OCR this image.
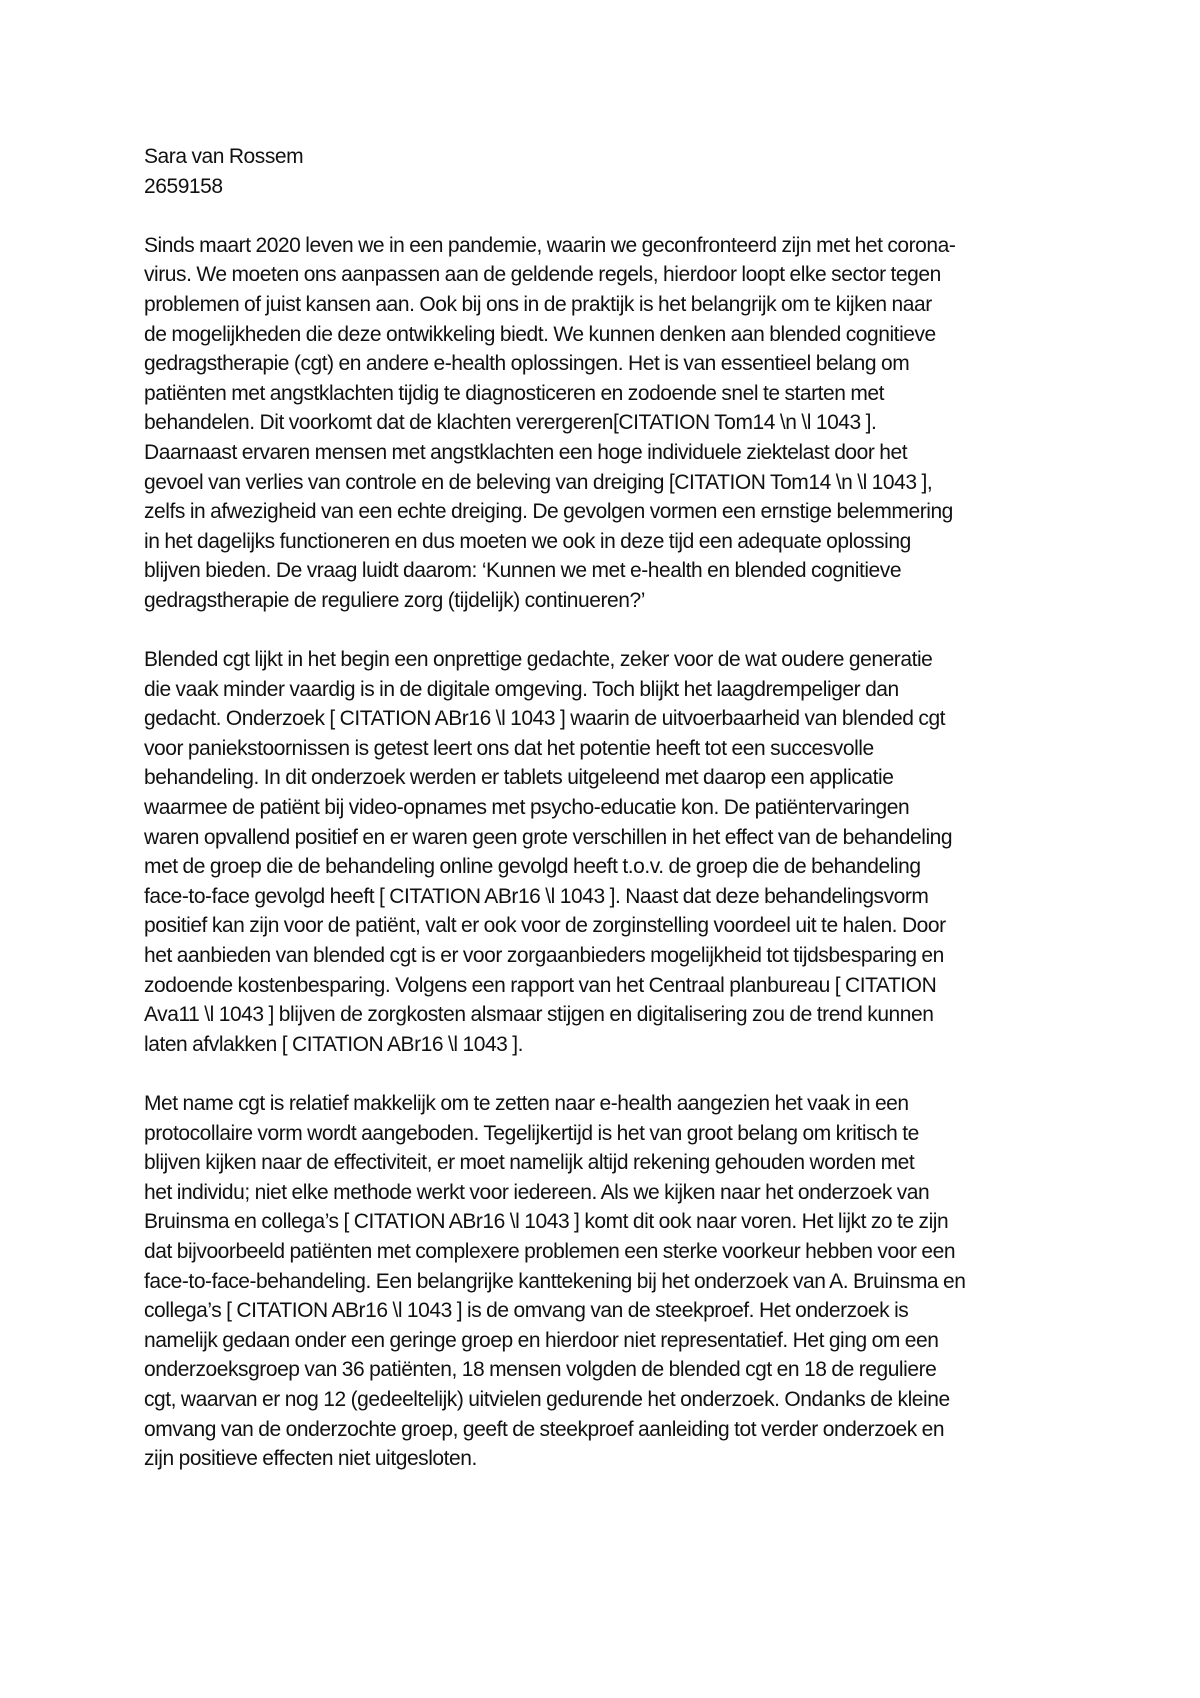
Sara van Rossem
2659158
Sinds maart 2020 leven we in een pandemie, waarin we geconfronteerd zijn met het corona-
virus. We moeten ons aanpassen aan de geldende regels, hierdoor loopt elke sector tegen
problemen of juist kansen aan. Ook bij ons in de praktijk is het belangrijk om te kijken naar
de mogelijkheden die deze ontwikkeling biedt. We kunnen denken aan blended cognitieve
gedragstherapie (cgt) en andere e-health oplossingen. Het is van essentieel belang om
patiënten met angstklachten tijdig te diagnosticeren en zodoende snel te starten met
behandelen. Dit voorkomt dat de klachten verergeren[CITATION Tom14 \n \l 1043 ].
Daarnaast ervaren mensen met angstklachten een hoge individuele ziektelast door het
gevoel van verlies van controle en de beleving van dreiging [CITATION Tom14 \n \l 1043 ],
zelfs in afwezigheid van een echte dreiging. De gevolgen vormen een ernstige belemmering
in het dagelijks functioneren en dus moeten we ook in deze tijd een adequate oplossing
blijven bieden. De vraag luidt daarom: ‘Kunnen we met e-health en blended cognitieve
gedragstherapie de reguliere zorg (tijdelijk) continueren?’
Blended cgt lijkt in het begin een onprettige gedachte, zeker voor de wat oudere generatie
die vaak minder vaardig is in de digitale omgeving. Toch blijkt het laagdrempeliger dan
gedacht. Onderzoek [ CITATION ABr16 \l 1043 ] waarin de uitvoerbaarheid van blended cgt
voor paniekstoornissen is getest leert ons dat het potentie heeft tot een succesvolle
behandeling. In dit onderzoek werden er tablets uitgeleend met daarop een applicatie
waarmee de patiënt bij video-opnames met psycho-educatie kon. De patiëntervaringen
waren opvallend positief en er waren geen grote verschillen in het effect van de behandeling
met de groep die de behandeling online gevolgd heeft t.o.v. de groep die de behandeling
face-to-face gevolgd heeft [ CITATION ABr16 \l 1043 ]. Naast dat deze behandelingsvorm
positief kan zijn voor de patiënt, valt er ook voor de zorginstelling voordeel uit te halen. Door
het aanbieden van blended cgt is er voor zorgaanbieders mogelijkheid tot tijdsbesparing en
zodoende kostenbesparing. Volgens een rapport van het Centraal planbureau [ CITATION
Ava11 \l 1043 ] blijven de zorgkosten alsmaar stijgen en digitalisering zou de trend kunnen
laten afvlakken [ CITATION ABr16 \l 1043 ].
Met name cgt is relatief makkelijk om te zetten naar e-health aangezien het vaak in een
protocollaire vorm wordt aangeboden. Tegelijkertijd is het van groot belang om kritisch te
blijven kijken naar de effectiviteit, er moet namelijk altijd rekening gehouden worden met
het individu; niet elke methode werkt voor iedereen. Als we kijken naar het onderzoek van
Bruinsma en collega’s [ CITATION ABr16 \l 1043 ] komt dit ook naar voren. Het lijkt zo te zijn
dat bijvoorbeeld patiënten met complexere problemen een sterke voorkeur hebben voor een
face-to-face-behandeling. Een belangrijke kanttekening bij het onderzoek van A. Bruinsma en
collega’s [ CITATION ABr16 \l 1043 ] is de omvang van de steekproef. Het onderzoek is
namelijk gedaan onder een geringe groep en hierdoor niet representatief. Het ging om een
onderzoeksgroep van 36 patiënten, 18 mensen volgden de blended cgt en 18 de reguliere
cgt, waarvan er nog 12 (gedeeltelijk) uitvielen gedurende het onderzoek. Ondanks de kleine
omvang van de onderzochte groep, geeft de steekproef aanleiding tot verder onderzoek en
zijn positieve effecten niet uitgesloten.
